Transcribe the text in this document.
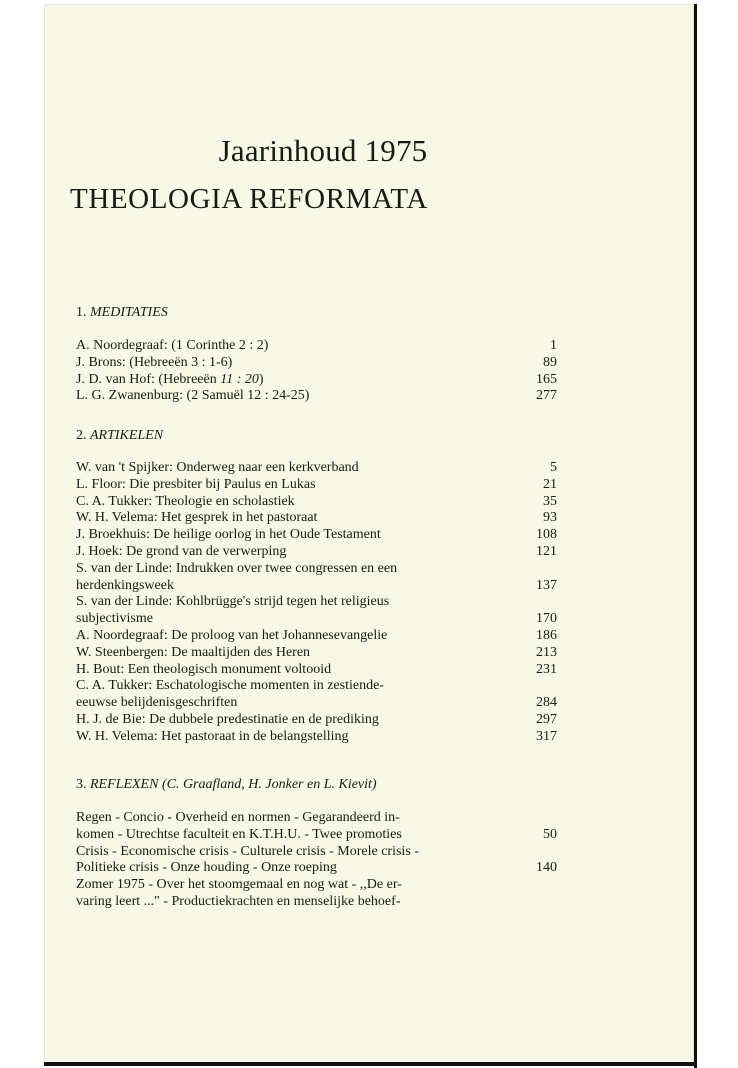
Jaarinhoud 1975
THEOLOGIA REFORMATA
1. MEDITATIES
A. Noordegraaf: (1 Corinthe 2 : 2)	1
J. Brons: (Hebreeën 3 : 1-6)	89
J. D. van Hof: (Hebreeën 11 : 20)	165
L. G. Zwanenburg: (2 Samuël 12 : 24-25)	277
2. ARTIKELEN
W. van 't Spijker: Onderweg naar een kerkverband	5
L. Floor: Die presbiter bij Paulus en Lukas	21
C. A. Tukker: Theologie en scholastiek	35
W. H. Velema: Het gesprek in het pastoraat	93
J. Broekhuis: De heilige oorlog in het Oude Testament	108
J. Hoek: De grond van de verwerping	121
S. van der Linde: Indrukken over twee congressen en een
herdenkingsweek	137
S. van der Linde: Kohlbrügge's strijd tegen het religieus
subjectivisme	170
A. Noordegraaf: De proloog van het Johannesevangelie	186
W. Steenbergen: De maaltijden des Heren	213
H. Bout: Een theologisch monument voltooid	231
C. A. Tukker: Eschatologische momenten in zestiende-
eeuwse belijdenisgeschriften	284
H. J. de Bie: De dubbele predestinatie en de prediking	297
W. H. Velema: Het pastoraat in de belangstelling	317
3. REFLEXEN (C. Graafland, H. Jonker en L. Kievit)
Regen - Concio - Overheid en normen - Gegarandeerd in-
komen - Utrechtse faculteit en K.T.H.U. - Twee promoties	50
Crisis - Economische crisis - Culturele crisis - Morele crisis -
Politieke crisis - Onze houding - Onze roeping	140
Zomer 1975 - Over het stoomgemaal en nog wat - ,,De er-
varing leert ..." - Productiekrachten en menselijke behoef-
